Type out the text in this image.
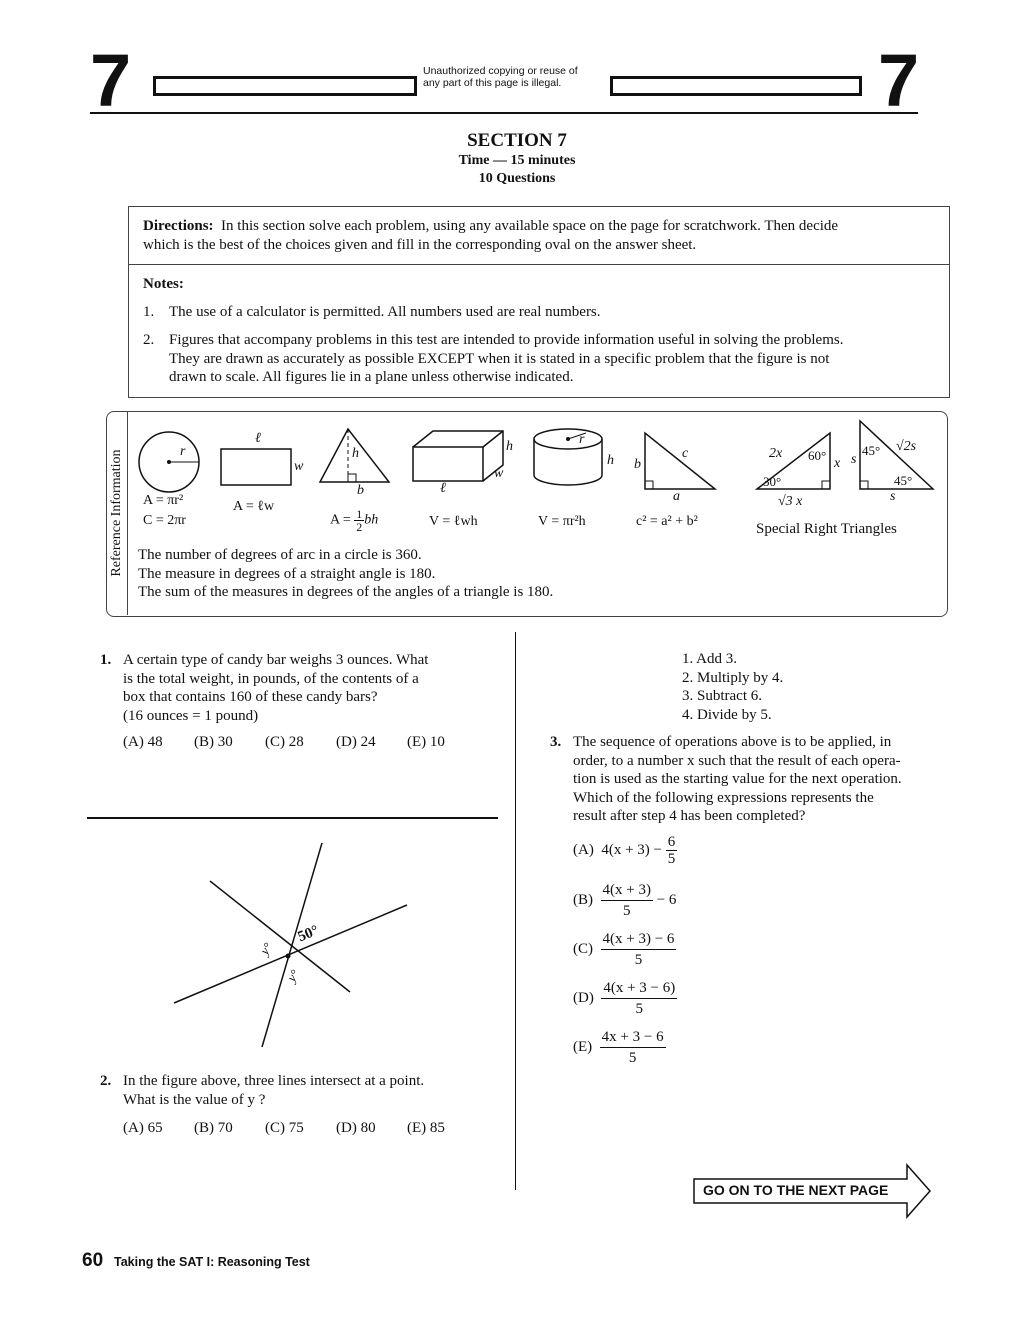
7	Unauthorized copying or reuse of
any part of this page is illegal.	7
SECTION 7
Time — 15 minutes
10 Questions
Directions: In this section solve each problem, using any available space on the page for scratchwork. Then decide
which is the best of the choices given and fill in the corresponding oval on the answer sheet.
Notes:
1. The use of a calculator is permitted. All numbers used are real numbers.
2. Figures that accompany problems in this test are intended to provide information useful in solving the problems.
They are drawn as accurately as possible EXCEPT when it is stated in a specific problem that the figure is not
drawn to scale. All figures lie in a plane unless otherwise indicated.
Reference Information	r
A = πr²
C = 2πr
ℓ
w
A = ℓw
h
b
$A = \frac{1}{2}$ bh
h
w
ℓ
V = ℓwh
r
h
V = πr²h
b
c
a
c² = a² + b²
2x 60°
x
30°
√3 x
s
45° √2s
45°
s
Special Right Triangles
The number of degrees of arc in a circle is 360.
The measure in degrees of a straight angle is 180.
The sum of the measures in degrees of the angles of a triangle is 180.
1. A certain type of candy bar weighs 3 ounces. What
is the total weight, in pounds, of the contents of a
box that contains 160 of these candy bars?
(16 ounces = 1 pound)
(A) 48 (B) 30 (C) 28 (D) 24 (E) 10
50°
y°
y°
2. In the figure above, three lines intersect at a point.
What is the value of y ?
(A) 65 (B) 70 (C) 75 (D) 80 (E) 85
1. Add 3.
2. Multiply by 4.
3. Subtract 6.
4. Divide by 5.
3. The sequence of operations above is to be applied, in
order, to a number x such that the result of each opera-
tion is used as the starting value for the next operation.
Which of the following expressions represents the
result after step 4 has been completed?
(A) $4(x + 3) - \frac{6}{5}$
$(B) \frac{4(x + 3)}{5} - 6$
$(C) \frac{4(x + 3) - 6}{5}$
$(D) \frac{4(x + 3 - 6)}{5}$
$(E) \frac{4x + 3 - 6}{5}$
GO ON TO THE NEXT PAGE
60 Taking the SAT I: Reasoning Test
